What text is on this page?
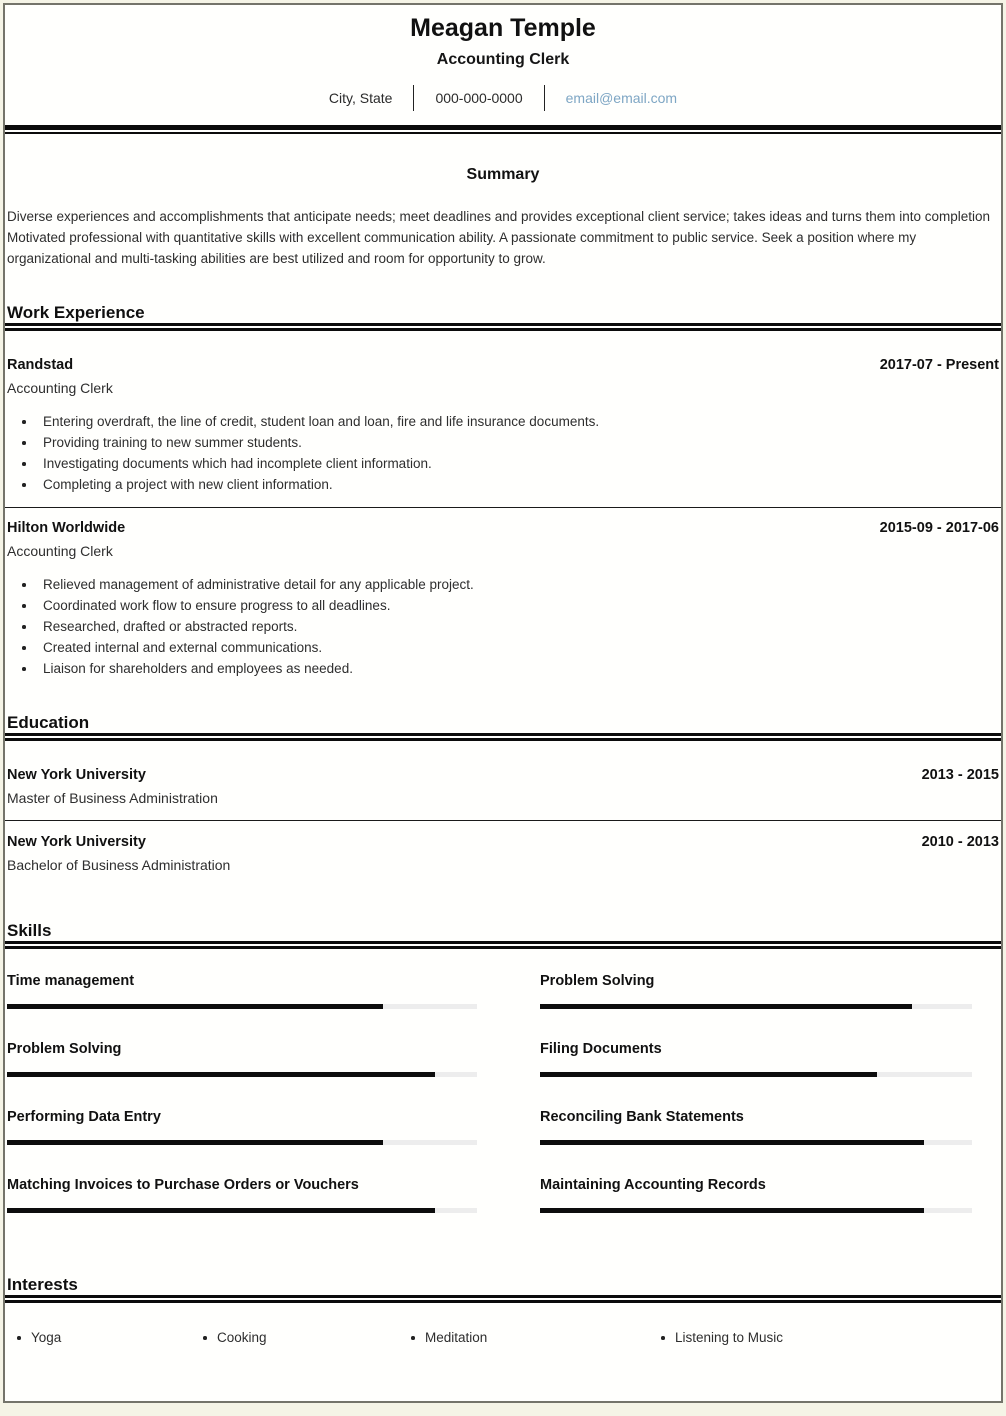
Meagan Temple
Accounting Clerk
City, State	000-000-0000	email@email.com
Summary

Diverse experiences and accomplishments that anticipate needs; meet deadlines and provides exceptional client service; takes ideas and turns them into completion Motivated professional with quantitative skills with excellent communication ability. A passionate commitment to public service. Seek a position where my organizational and multi-tasking abilities are best utilized and room for opportunity to grow.

Work Experience
Randstad	2017-07 - Present
Accounting Clerk
Entering overdraft, the line of credit, student loan and loan, fire and life insurance documents.
Providing training to new summer students.
Investigating documents which had incomplete client information.
Completing a project with new client information.
Hilton Worldwide	2015-09 - 2017-06
Accounting Clerk
Relieved management of administrative detail for any applicable project.
Coordinated work flow to ensure progress to all deadlines.
Researched, drafted or abstracted reports.
Created internal and external communications.
Liaison for shareholders and employees as needed.
Education
New York University	2013 - 2015
Master of Business Administration
New York University	2010 - 2013
Bachelor of Business Administration
Skills
Time management	Problem Solving
Problem Solving	Filing Documents
Performing Data Entry	Reconciling Bank Statements
Matching Invoices to Purchase Orders or Vouchers	Maintaining Accounting Records
Interests
Yoga	Cooking	Meditation	Listening to Music
